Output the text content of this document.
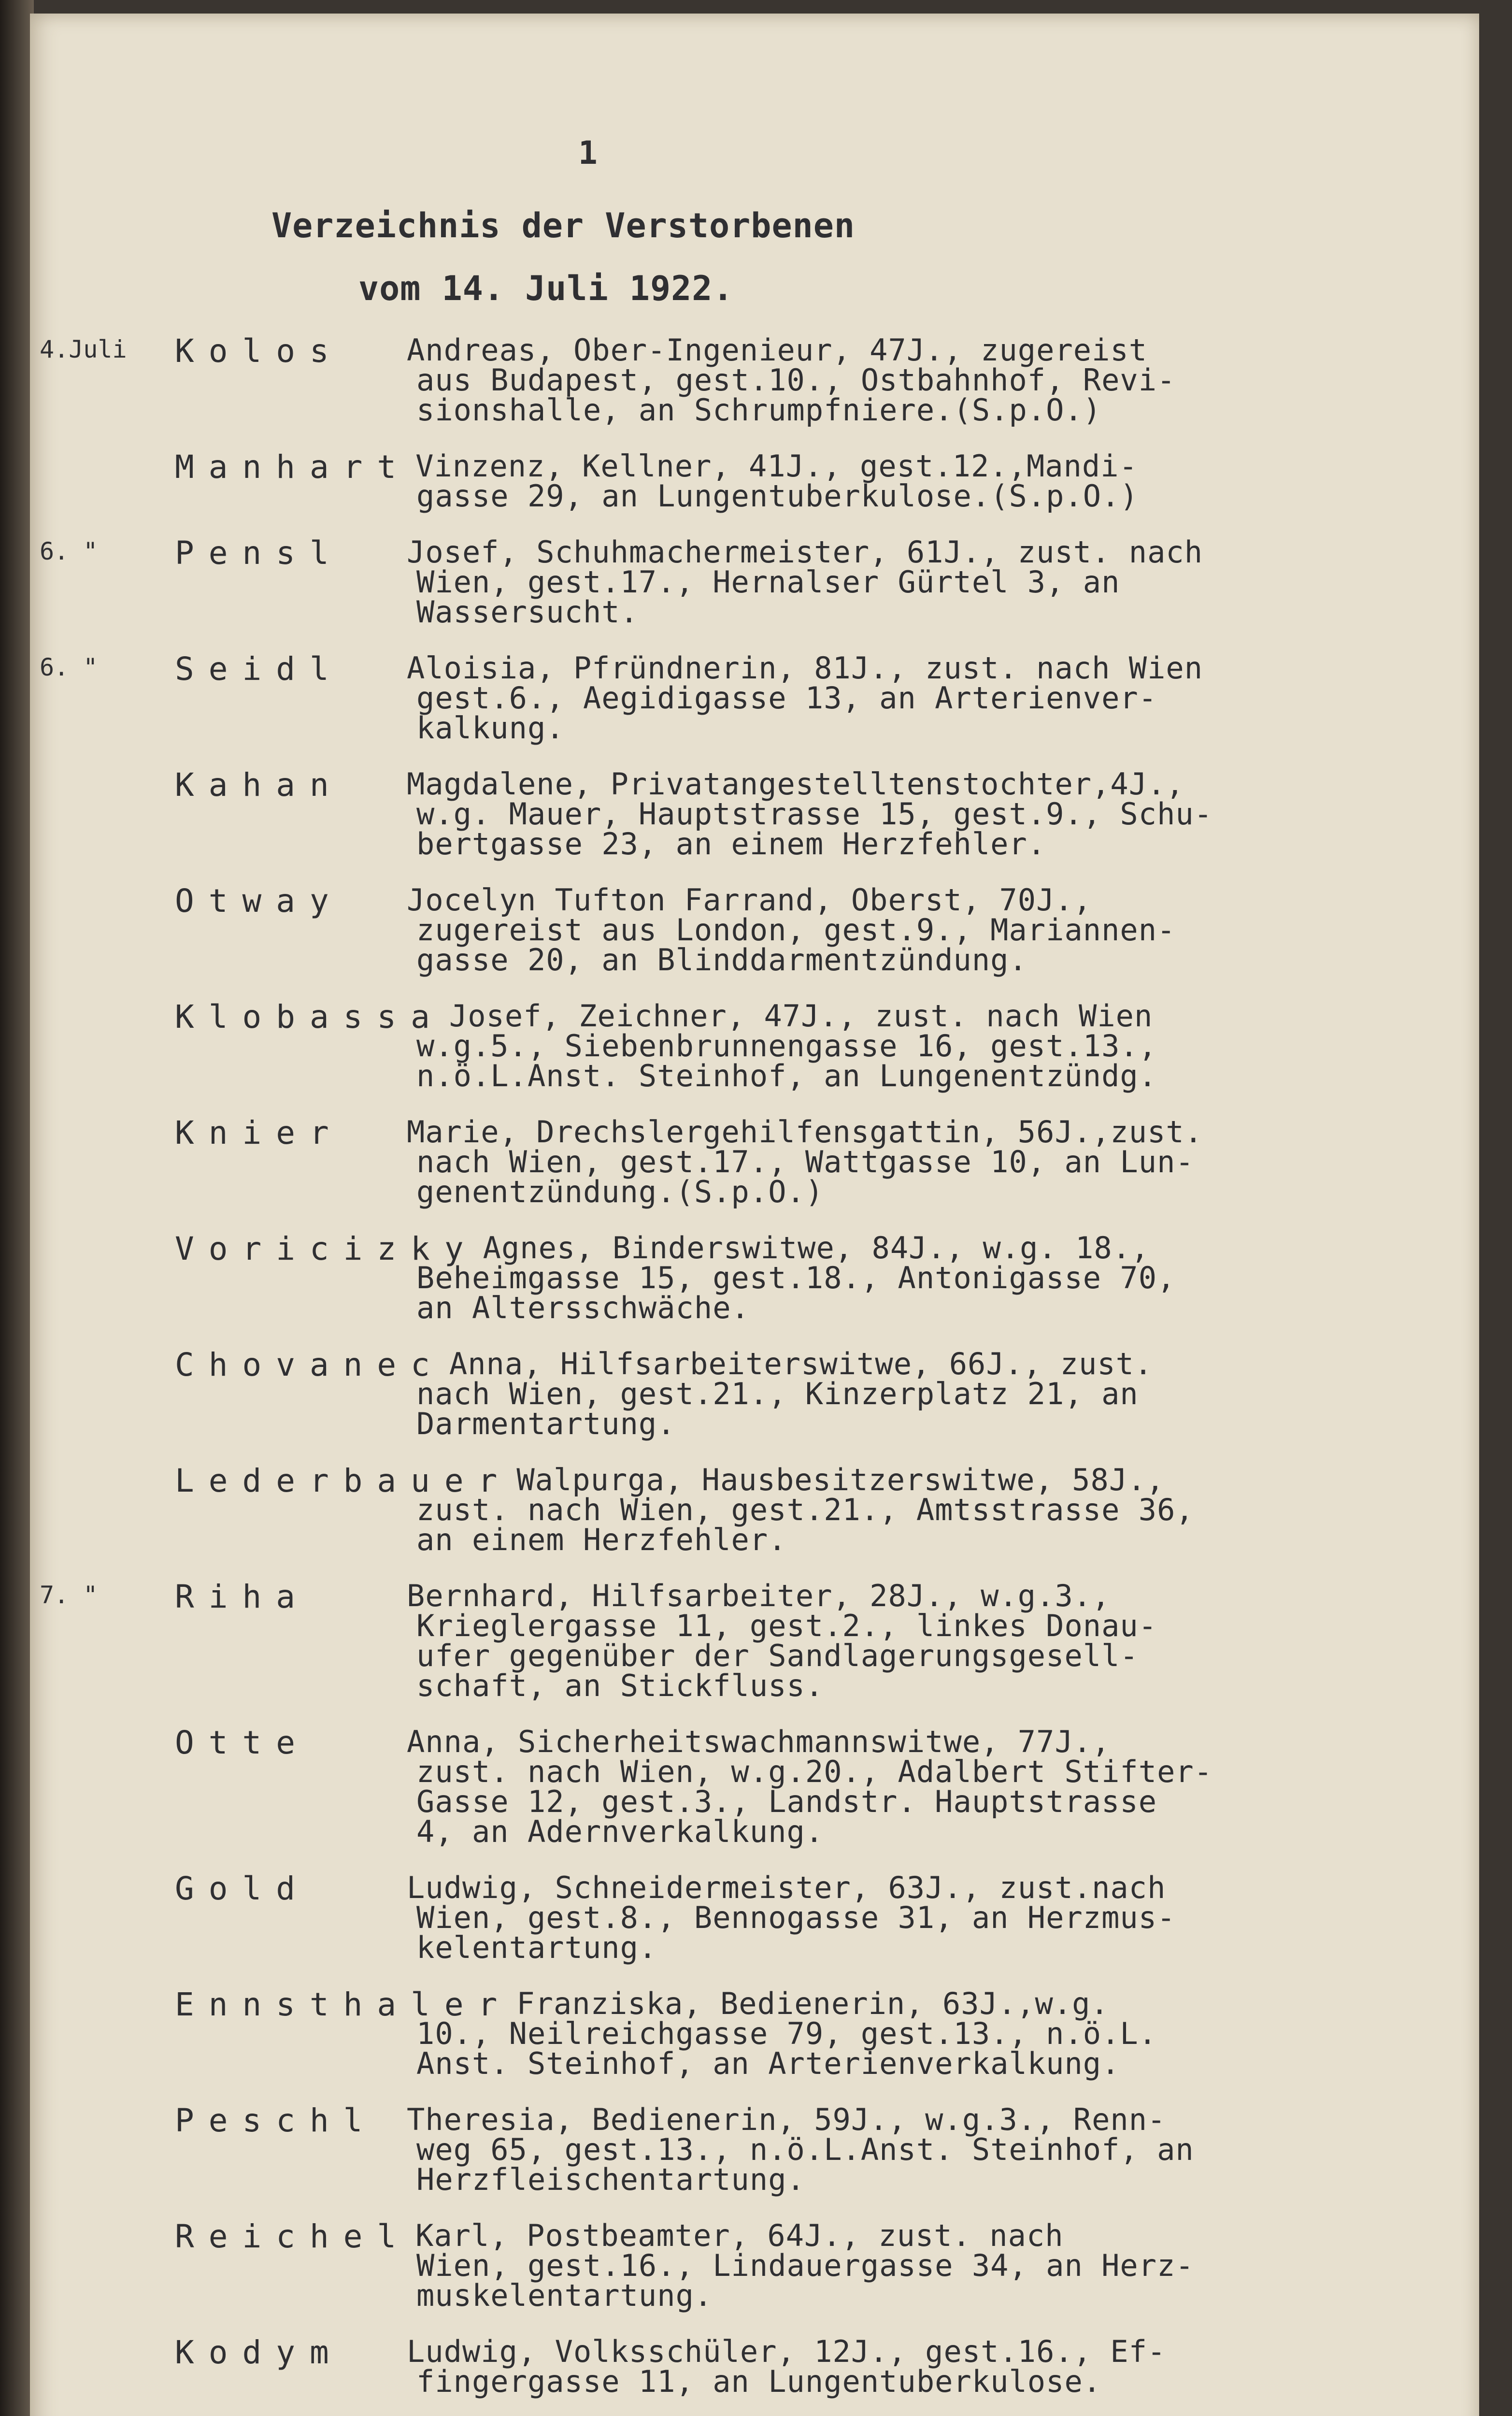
1
Verzeichnis der Verstorbenen
vom 14. Juli 1922.
4.Juli	Kolos Andreas, Ober-Ingenieur, 47J., zugereist
aus Budapest, gest.10., Ostbahnhof, Revi-
sionshalle, an Schrumpfniere.(S.p.O.)
Manhart Vinzenz, Kellner, 41J., gest.12.,Mandi-
gasse 29, an Lungentuberkulose.(S.p.O.)
6. "	Pensl Josef, Schuhmachermeister, 61J., zust. nach
Wien, gest.17., Hernalser Gürtel 3, an
Wassersucht.
6. "	Seidl Aloisia, Pfründnerin, 81J., zust. nach Wien
gest.6., Aegidigasse 13, an Arterienver-
kalkung.
Kahan Magdalene, Privatangestelltenstochter,4J.,
w.g. Mauer, Hauptstrasse 15, gest.9., Schu-
bertgasse 23, an einem Herzfehler.
Otway Jocelyn Tufton Farrand, Oberst, 70J.,
zugereist aus London, gest.9., Mariannen-
gasse 20, an Blinddarmentzündung.
Klobassa Josef, Zeichner, 47J., zust. nach Wien
w.g.5., Siebenbrunnengasse 16, gest.13.,
n.ö.L.Anst. Steinhof, an Lungenentzündg.
Knier Marie, Drechslergehilfensgattin, 56J.,zust.
nach Wien, gest.17., Wattgasse 10, an Lun-
genentzündung.(S.p.O.)
Voricizky Agnes, Binderswitwe, 84J., w.g. 18.,
Beheimgasse 15, gest.18., Antonigasse 70,
an Altersschwäche.
Chovanec Anna, Hilfsarbeiterswitwe, 66J., zust.
nach Wien, gest.21., Kinzerplatz 21, an
Darmentartung.
Lederbauer Walpurga, Hausbesitzerswitwe, 58J.,
zust. nach Wien, gest.21., Amtsstrasse 36,
an einem Herzfehler.
7. "	Riha	Bernhard, Hilfsarbeiter, 28J., w.g.3.,
Krieglergasse 11, gest.2., linkes Donau-
ufer gegenüber der Sandlagerungsgesell-
schaft, an Stickfluss.
Otte	Anna, Sicherheitswachmannswitwe, 77J.,
zust. nach Wien, w.g.20., Adalbert Stifter-
Gasse 12, gest.3., Landstr. Hauptstrasse
4, an Adernverkalkung.
Gold	Ludwig, Schneidermeister, 63J., zust.nach
Wien, gest.8., Bennogasse 31, an Herzmus-
kelentartung.
Ennsthaler Franziska, Bedienerin, 63J.,w.g.
10., Neilreichgasse 79, gest.13., n.ö.L.
Anst. Steinhof, an Arterienverkalkung.
Peschl Theresia, Bedienerin, 59J., w.g.3., Renn-
weg 65, gest.13., n.ö.L.Anst. Steinhof, an
Herzfleischentartung.
Reichel Karl, Postbeamter, 64J., zust. nach
Wien, gest.16., Lindauergasse 34, an Herz-
muskelentartung.
Kodym Ludwig, Volksschüler, 12J., gest.16., Ef-
fingergasse 11, an Lungentuberkulose.
